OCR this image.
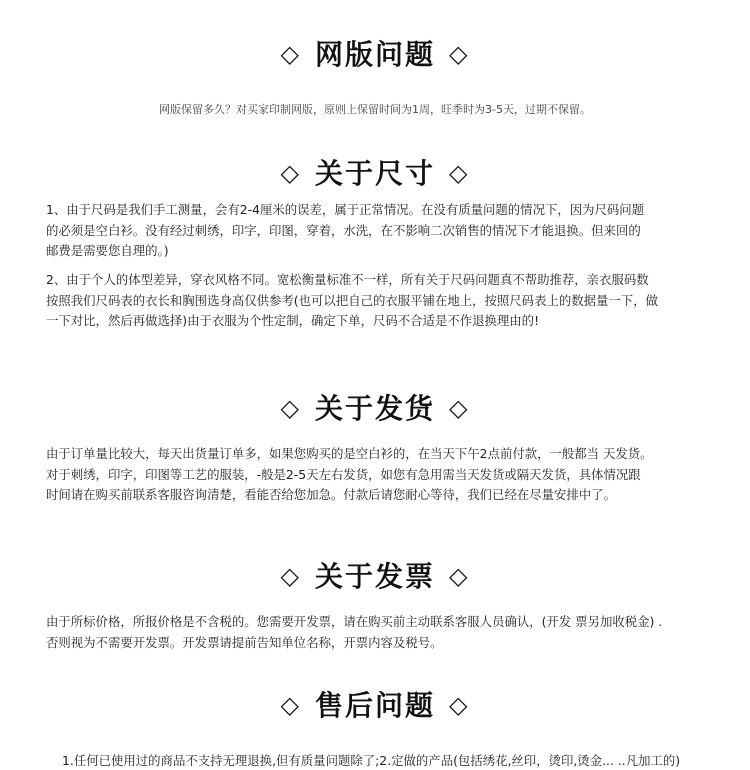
◇ 网版问题 ◇
网版保留多久？对买家印制网版，原则上保留时间为1周，旺季时为3-5天，过期不保留。
◇ 关于尺寸 ◇
1、由于尺码是我们手工测量，会有2-4厘米的误差，属于正常情况。在没有质量问题的情况下，因为尺码问题
的必须是空白衫。没有经过刺绣，印字，印图，穿着，水洗，在不影响二次销售的情况下才能退换。但来回的
邮费是需要您自理的。)
2、由于个人的体型差异，穿衣风格不同。宽松衡量标准不一样，所有关于尺码问题真不帮助推荐，亲衣服码数
按照我们尺码表的衣长和胸围选身高仅供参考(也可以把自己的衣服平铺在地上，按照尺码表上的数据量一下，做
一下对比，然后再做选择)由于衣服为个性定制，确定下单，尺码不合适是不作退换理由的!
◇ 关于发货 ◇
由于订单量比较大，每天出货量订单多，如果您购买的是空白衫的，在当天下午2点前付款，一般都当 天发货。
对于刺绣，印字，印图等工艺的服装，-般是2-5天左右发货，如您有急用需当天发货或隔天发货，具体情况跟
时间请在购买前联系客服咨询清楚，看能否给您加急。付款后请您耐心等待，我们已经在尽量安排中了。
◇ 关于发票 ◇
由于所标价格，所报价格是不含税的。您需要开发票，请在购买前主动联系客服人员确认，(开发 票另加收税金) .
否则视为不需要开发票。开发票请提前告知单位名称，开票内容及税号。
◇ 售后问题 ◇
1.任何已使用过的商品不支持无理退换,但有质量问题除了;2.定做的产品(包括绣花,丝印，烫印,烫金... ..凡加工的)
